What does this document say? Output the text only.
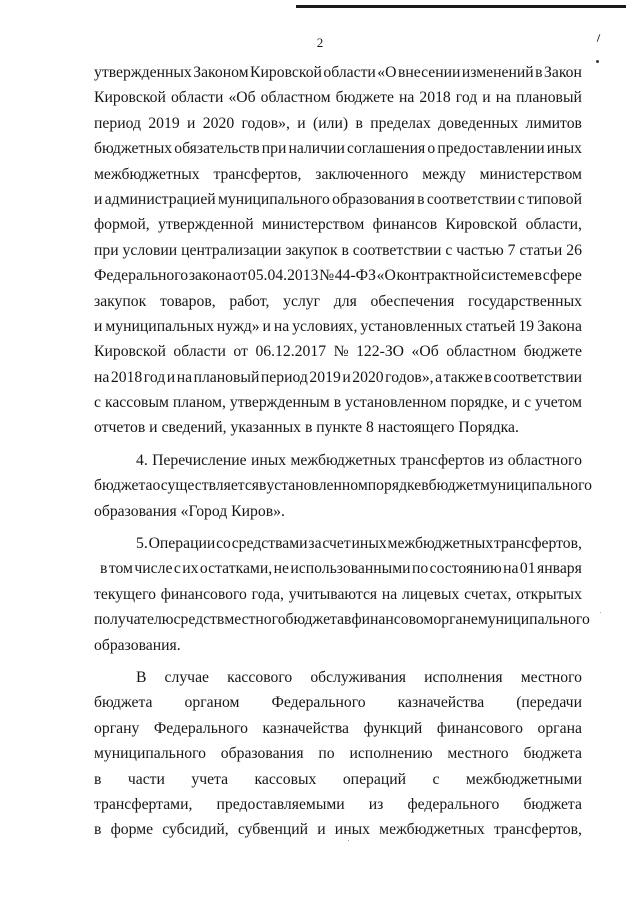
2
утвержденных Законом Кировской области «О внесении изменений в Закон
Кировской области «Об областном бюджете на 2018 год и на плановый
период 2019 и 2020 годов», и (или) в пределах доведенных лимитов
бюджетных обязательств при наличии соглашения о предоставлении иных
межбюджетных трансфертов, заключенного между министерством
и администрацией муниципального образования в соответствии с типовой
формой, утвержденной министерством финансов Кировской области,
при условии централизации закупок в соответствии с частью 7 статьи 26
Федерального закона от 05.04.2013 № 44-ФЗ «О контрактной системе в сфере
закупок товаров, работ, услуг для обеспечения государственных
и муниципальных нужд» и на условиях, установленных статьей 19 Закона
Кировской области от 06.12.2017 № 122-ЗО «Об областном бюджете
на 2018 год и на плановый период 2019 и 2020 годов», а также в соответствии
с кассовым планом, утвержденным в установленном порядке, и с учетом
отчетов и сведений, указанных в пункте 8 настоящего Порядка.
4. Перечисление иных межбюджетных трансфертов из областного
бюджета осуществляется в установленном порядке в бюджет муниципального
образования «Город Киров».
5. Операции со средствами за счет иных межбюджетных трансфертов,
в том числе с их остатками, не использованными по состоянию на 01 января
текущего финансового года, учитываются на лицевых счетах, открытых
получателю средств местного бюджета в финансовом органе муниципального
образования.
В случае кассового обслуживания исполнения местного
бюджета органом Федерального казначейства (передачи
органу Федерального казначейства функций финансового органа
муниципального образования по исполнению местного бюджета
в части учета кассовых операций с межбюджетными
трансфертами, предоставляемыми из федерального бюджета
в форме субсидий, субвенций и иных межбюджетных трансфертов,
